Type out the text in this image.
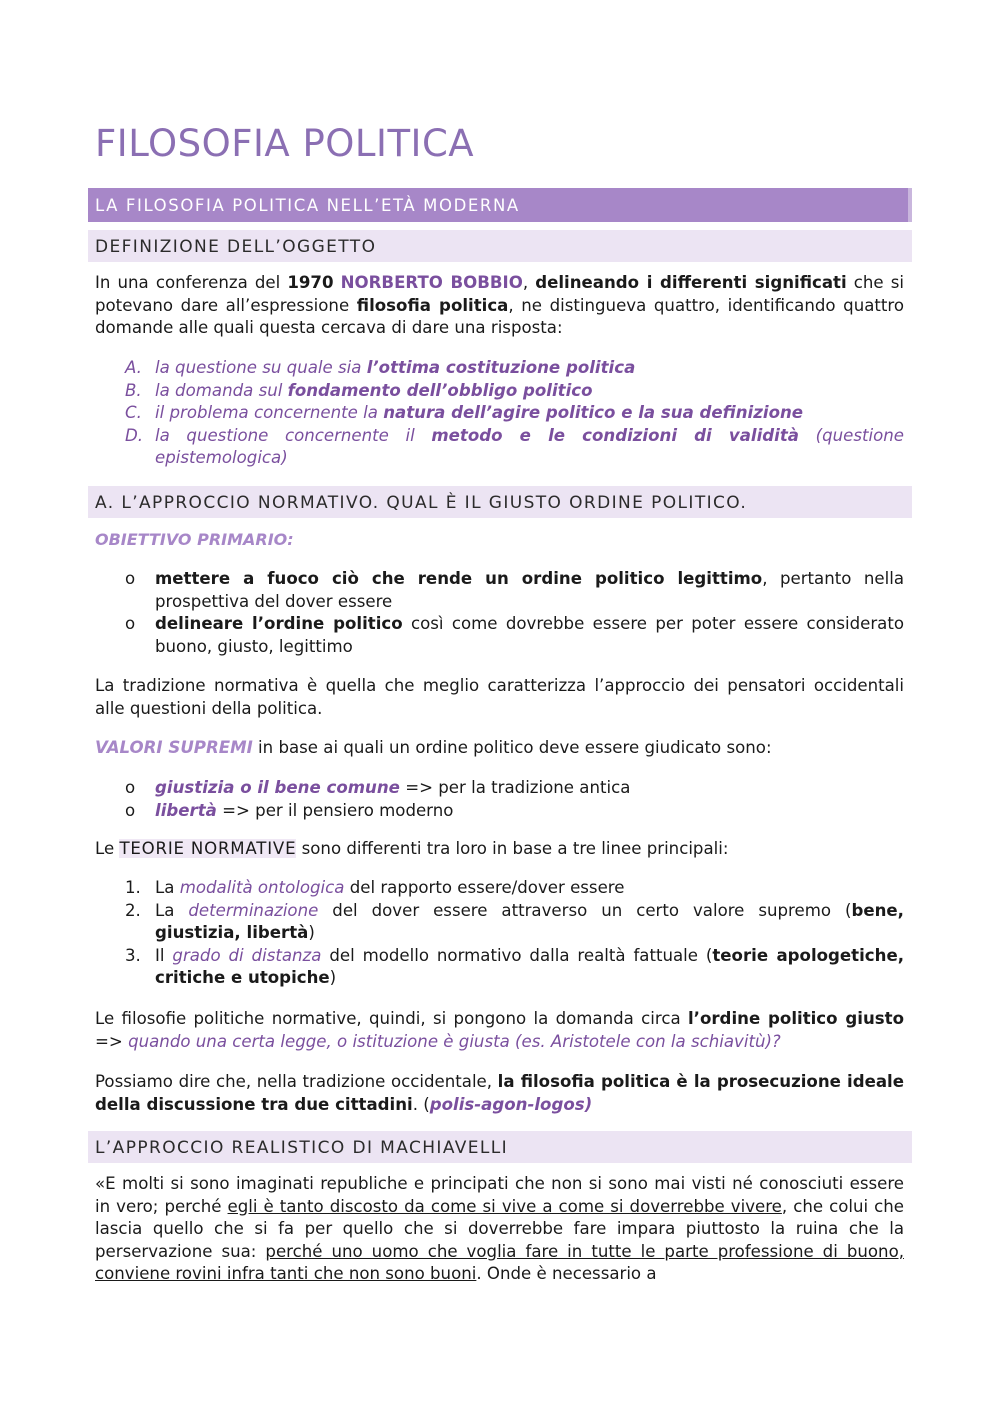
FILOSOFIA POLITICA
LA FILOSOFIA POLITICA NELL’ETÀ MODERNA
DEFINIZIONE DELL’OGGETTO

In una conferenza del 1970 NORBERTO BOBBIO, delineando i differenti significati che si potevano dare all’espressione filosofia politica, ne distingueva quattro, identificando quattro domande alle quali questa cercava di dare una risposta:

A. la questione su quale sia l’ottima costituzione politica
B. la domanda sul fondamento dell’obbligo politico
C. il problema concernente la natura dell’agire politico e la sua definizione
D. la questione concernente il metodo e le condizioni di validità (questione epistemologica)
A. L’APPROCCIO NORMATIVO. QUAL È IL GIUSTO ORDINE POLITICO.
OBIETTIVO PRIMARIO:
o mettere a fuoco ciò che rende un ordine politico legittimo, pertanto nella prospettiva del dover essere
o delineare l’ordine politico così come dovrebbe essere per poter essere considerato buono, giusto, legittimo

La tradizione normativa è quella che meglio caratterizza l’approccio dei pensatori occidentali alle questioni della politica.

VALORI SUPREMI in base ai quali un ordine politico deve essere giudicato sono:

o giustizia o il bene comune => per la tradizione antica
o libertà => per il pensiero moderno

Le TEORIE NORMATIVE sono differenti tra loro in base a tre linee principali:

1. La modalità ontologica del rapporto essere/dover essere
2. La determinazione del dover essere attraverso un certo valore supremo (bene, giustizia, libertà)
3. Il grado di distanza del modello normativo dalla realtà fattuale (teorie apologetiche, critiche e utopiche)

Le filosofie politiche normative, quindi, si pongono la domanda circa l’ordine politico giusto => quando una certa legge, o istituzione è giusta (es. Aristotele con la schiavitù)?

Possiamo dire che, nella tradizione occidentale, la filosofia politica è la prosecuzione ideale della discussione tra due cittadini. (polis-agon-logos)

L’APPROCCIO REALISTICO DI MACHIAVELLI

«E molti si sono imaginati republiche e principati che non si sono mai visti né conosciuti essere in vero; perché egli è tanto discosto da come si vive a come si doverrebbe vivere, che colui che lascia quello che si fa per quello che si doverrebbe fare impara piuttosto la ruina che la perservazione sua: perché uno uomo che voglia fare in tutte le parte professione di buono, conviene rovini infra tanti che non sono buoni. Onde è necessario a
